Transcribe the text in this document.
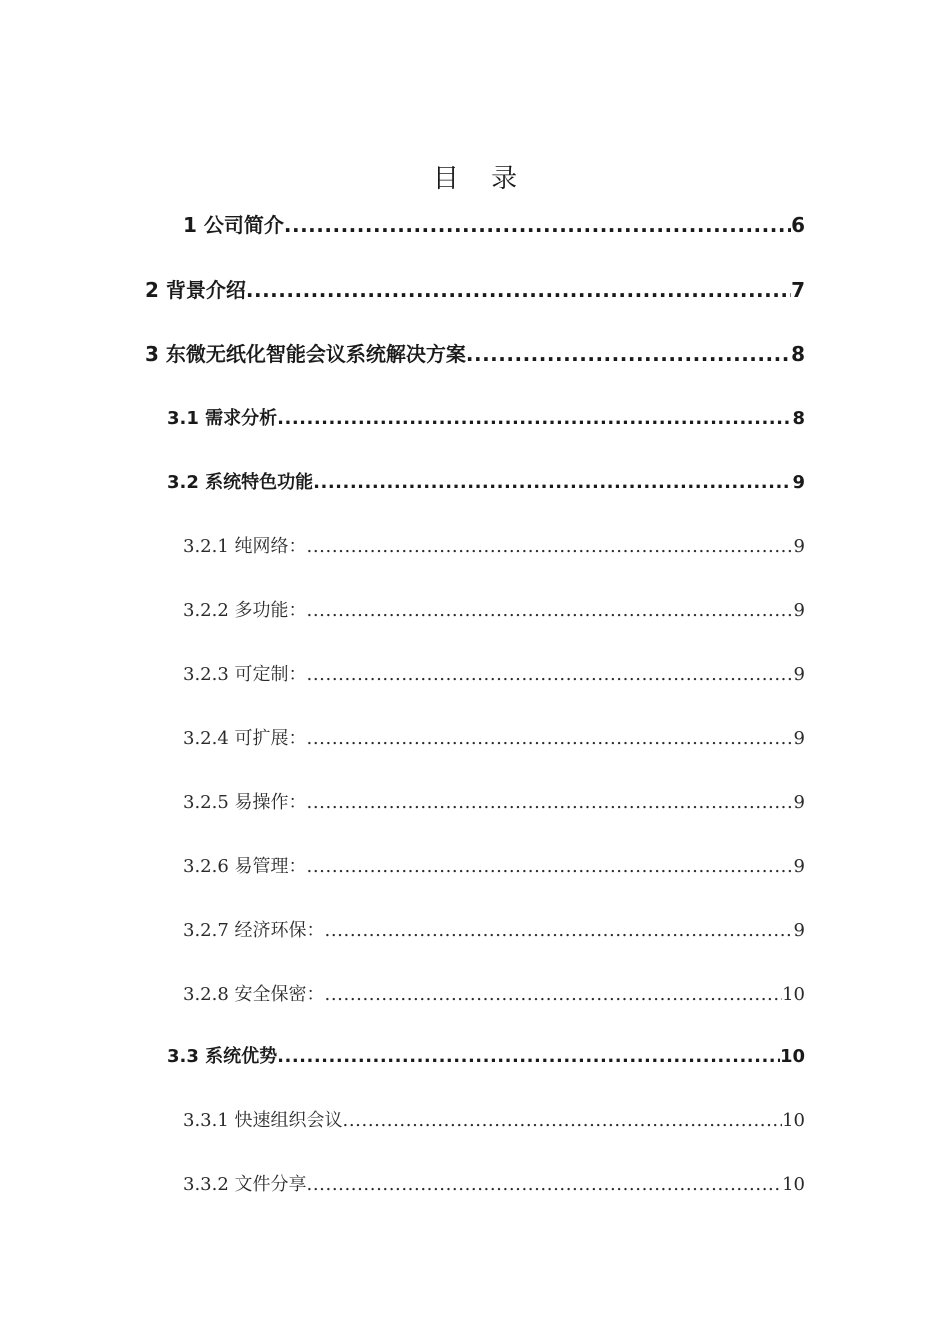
目 录
1 公司简介 .....	6
2 背景介绍 .....	7
3 东微无纸化智能会议系统解决方案 .....	8
3.1 需求分析 .....	8
3.2 系统特色功能 .....	9
3.2.1 纯网络： .....	9
3.2.2 多功能： .....	9
3.2.3 可定制： .....	9
3.2.4 可扩展： .....	9
3.2.5 易操作： .....	9
3.2.6 易管理： .....	9
3.2.7 经济环保： .....	9
3.2.8 安全保密： .....	10
3.3 系统优势 .....	10
3.3.1 快速组织会议 .....	10
3.3.2 文件分享 .....	10
